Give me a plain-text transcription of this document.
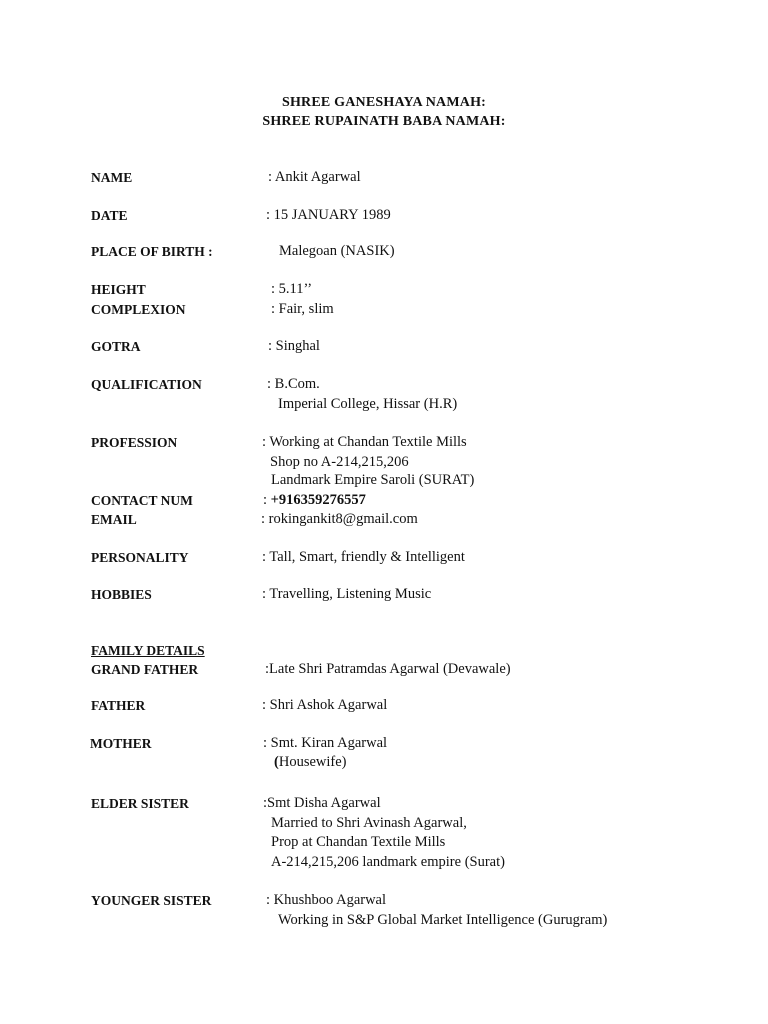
SHREE GANESHAYA NAMAH:
SHREE RUPAINATH BABA NAMAH:
NAME	: Ankit Agarwal
DATE	: 15 JANUARY 1989
PLACE OF BIRTH :	Malegoan (NASIK)
HEIGHT	: 5.11’’
COMPLEXION	: Fair, slim
GOTRA	: Singhal
QUALIFICATION	: B.Com.
Imperial College, Hissar (H.R)
PROFESSION	: Working at Chandan Textile Mills
Shop no A-214,215,206
Landmark Empire Saroli (SURAT)
CONTACT NUM	: +916359276557
EMAIL	: rokingankit8@gmail.com
PERSONALITY	: Tall, Smart, friendly & Intelligent
HOBBIES	: Travelling, Listening Music
FAMILY DETAILS
GRAND FATHER	:Late Shri Patramdas Agarwal (Devawale)
FATHER	: Shri Ashok Agarwal
MOTHER	: Smt. Kiran Agarwal
(Housewife)
ELDER SISTER	:Smt Disha Agarwal
Married to Shri Avinash Agarwal,
Prop at Chandan Textile Mills
A-214,215,206 landmark empire (Surat)
YOUNGER SISTER	: Khushboo Agarwal
Working in S&P Global Market Intelligence (Gurugram)
